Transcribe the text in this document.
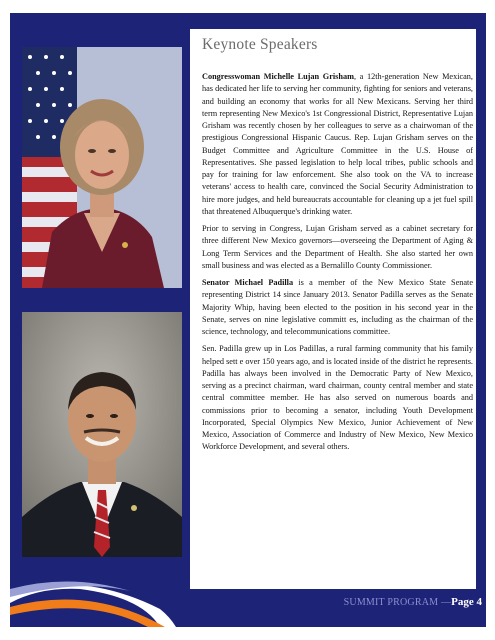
Keynote Speakers

Congresswoman Michelle Lujan Grisham, a 12th-generation New Mexican, has dedicated her life to serving her community, fighting for seniors and veterans, and building an economy that works for all New Mexicans. Serving her third term representing New Mexico's 1st Congressional District, Representative Lujan Grisham was recently chosen by her colleagues to serve as a chairwoman of the prestigious Congressional Hispanic Caucus. Rep. Lujan Grisham serves on the Budget Committee and Agriculture Committee in the U.S. House of Representatives. She passed legislation to help local tribes, public schools and pay for training for law enforcement. She also took on the VA to increase veterans' access to health care, convinced the Social Security Administration to hire more judges, and held bureaucrats accountable for cleaning up a jet fuel spill that threatened Albuquerque's drinking water.

Prior to serving in Congress, Lujan Grisham served as a cabinet secretary for three different New Mexico governors—overseeing the Department of Aging & Long Term Services and the Department of Health. She also started her own small business and was elected as a Bernalillo County Commissioner.

Senator Michael Padilla is a member of the New Mexico State Senate representing District 14 since January 2013. Senator Padilla serves as the Senate Majority Whip, having been elected to the position in his second year in the Senate, serves on nine legislative committ es, including as the chairman of the science, technology, and telecommunications committee.

Sen. Padilla grew up in Los Padillas, a rural farming community that his family helped sett e over 150 years ago, and is located inside of the district he represents. Padilla has always been involved in the Democratic Party of New Mexico, serving as a precinct chairman, ward chairman, county central member and state central committee member. He has also served on numerous boards and commissions prior to becoming a senator, including Youth Development Incorporated, Special Olympics New Mexico, Junior Achievement of New Mexico, Association of Commerce and Industry of New Mexico, New Mexico Workforce Development, and several others.

SUMMIT PROGRAM —Page 4
